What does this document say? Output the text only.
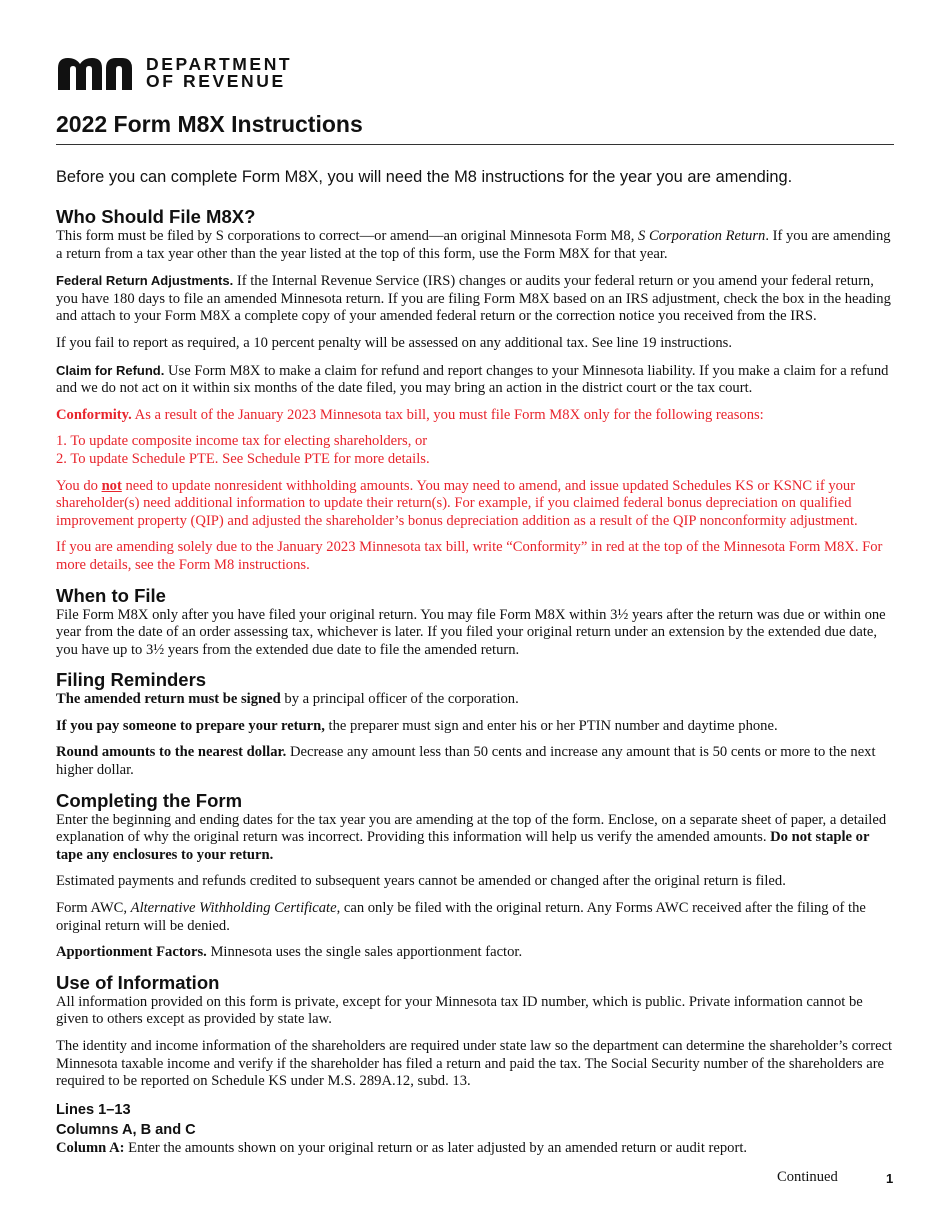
DEPARTMENT
OF REVENUE
2022 Form M8X Instructions
Before you can complete Form M8X, you will need the M8 instructions for the year you are amending.
Who Should File M8X?

This form must be filed by S corporations to correct—or amend—an original Minnesota Form M8, S Corporation Return. If you are amending a return from a tax year other than the year listed at the top of this form, use the Form M8X for that year.

Federal Return Adjustments. If the Internal Revenue Service (IRS) changes or audits your federal return or you amend your federal return, you have 180 days to file an amended Minnesota return. If you are filing Form M8X based on an IRS adjustment, check the box in the heading and attach to your Form M8X a complete copy of your amended federal return or the correction notice you received from the IRS.

If you fail to report as required, a 10 percent penalty will be assessed on any additional tax. See line 19 instructions.

Claim for Refund. Use Form M8X to make a claim for refund and report changes to your Minnesota liability. If you make a claim for a refund and we do not act on it within six months of the date filed, you may bring an action in the district court or the tax court.

Conformity. As a result of the January 2023 Minnesota tax bill, you must file Form M8X only for the following reasons:

1. To update composite income tax for electing shareholders, or
2. To update Schedule PTE. See Schedule PTE for more details.

You do not need to update nonresident withholding amounts. You may need to amend, and issue updated Schedules KS or KSNC if your shareholder(s) need additional information to update their return(s). For example, if you claimed federal bonus depreciation on qualified improvement property (QIP) and adjusted the shareholder’s bonus depreciation addition as a result of the QIP nonconformity adjustment.

If you are amending solely due to the January 2023 Minnesota tax bill, write “Conformity” in red at the top of the Minnesota Form M8X. For more details, see the Form M8 instructions.

When to File

File Form M8X only after you have filed your original return. You may file Form M8X within 3½ years after the return was due or within one year from the date of an order assessing tax, whichever is later. If you filed your original return under an extension by the extended due date, you have up to 3½ years from the extended due date to file the amended return.

Filing Reminders

The amended return must be signed by a principal officer of the corporation.

If you pay someone to prepare your return, the preparer must sign and enter his or her PTIN number and daytime phone.

Round amounts to the nearest dollar. Decrease any amount less than 50 cents and increase any amount that is 50 cents or more to the next higher dollar.

Completing the Form

Enter the beginning and ending dates for the tax year you are amending at the top of the form. Enclose, on a separate sheet of paper, a detailed explanation of why the original return was incorrect. Providing this information will help us verify the amended amounts. Do not staple or tape any enclosures to your return.

Estimated payments and refunds credited to subsequent years cannot be amended or changed after the original return is filed.

Form AWC, Alternative Withholding Certificate, can only be filed with the original return. Any Forms AWC received after the filing of the original return will be denied.

Apportionment Factors. Minnesota uses the single sales apportionment factor.

Use of Information

All information provided on this form is private, except for your Minnesota tax ID number, which is public. Private information cannot be given to others except as provided by state law.

The identity and income information of the shareholders are required under state law so the department can determine the shareholder’s correct Minnesota taxable income and verify if the shareholder has filed a return and paid the tax. The Social Security number of the shareholders are required to be reported on Schedule KS under M.S. 289A.12, subd. 13.

Lines 1–13
Columns A, B and C

Column A: Enter the amounts shown on your original return or as later adjusted by an amended return or audit report.

Continued	1
